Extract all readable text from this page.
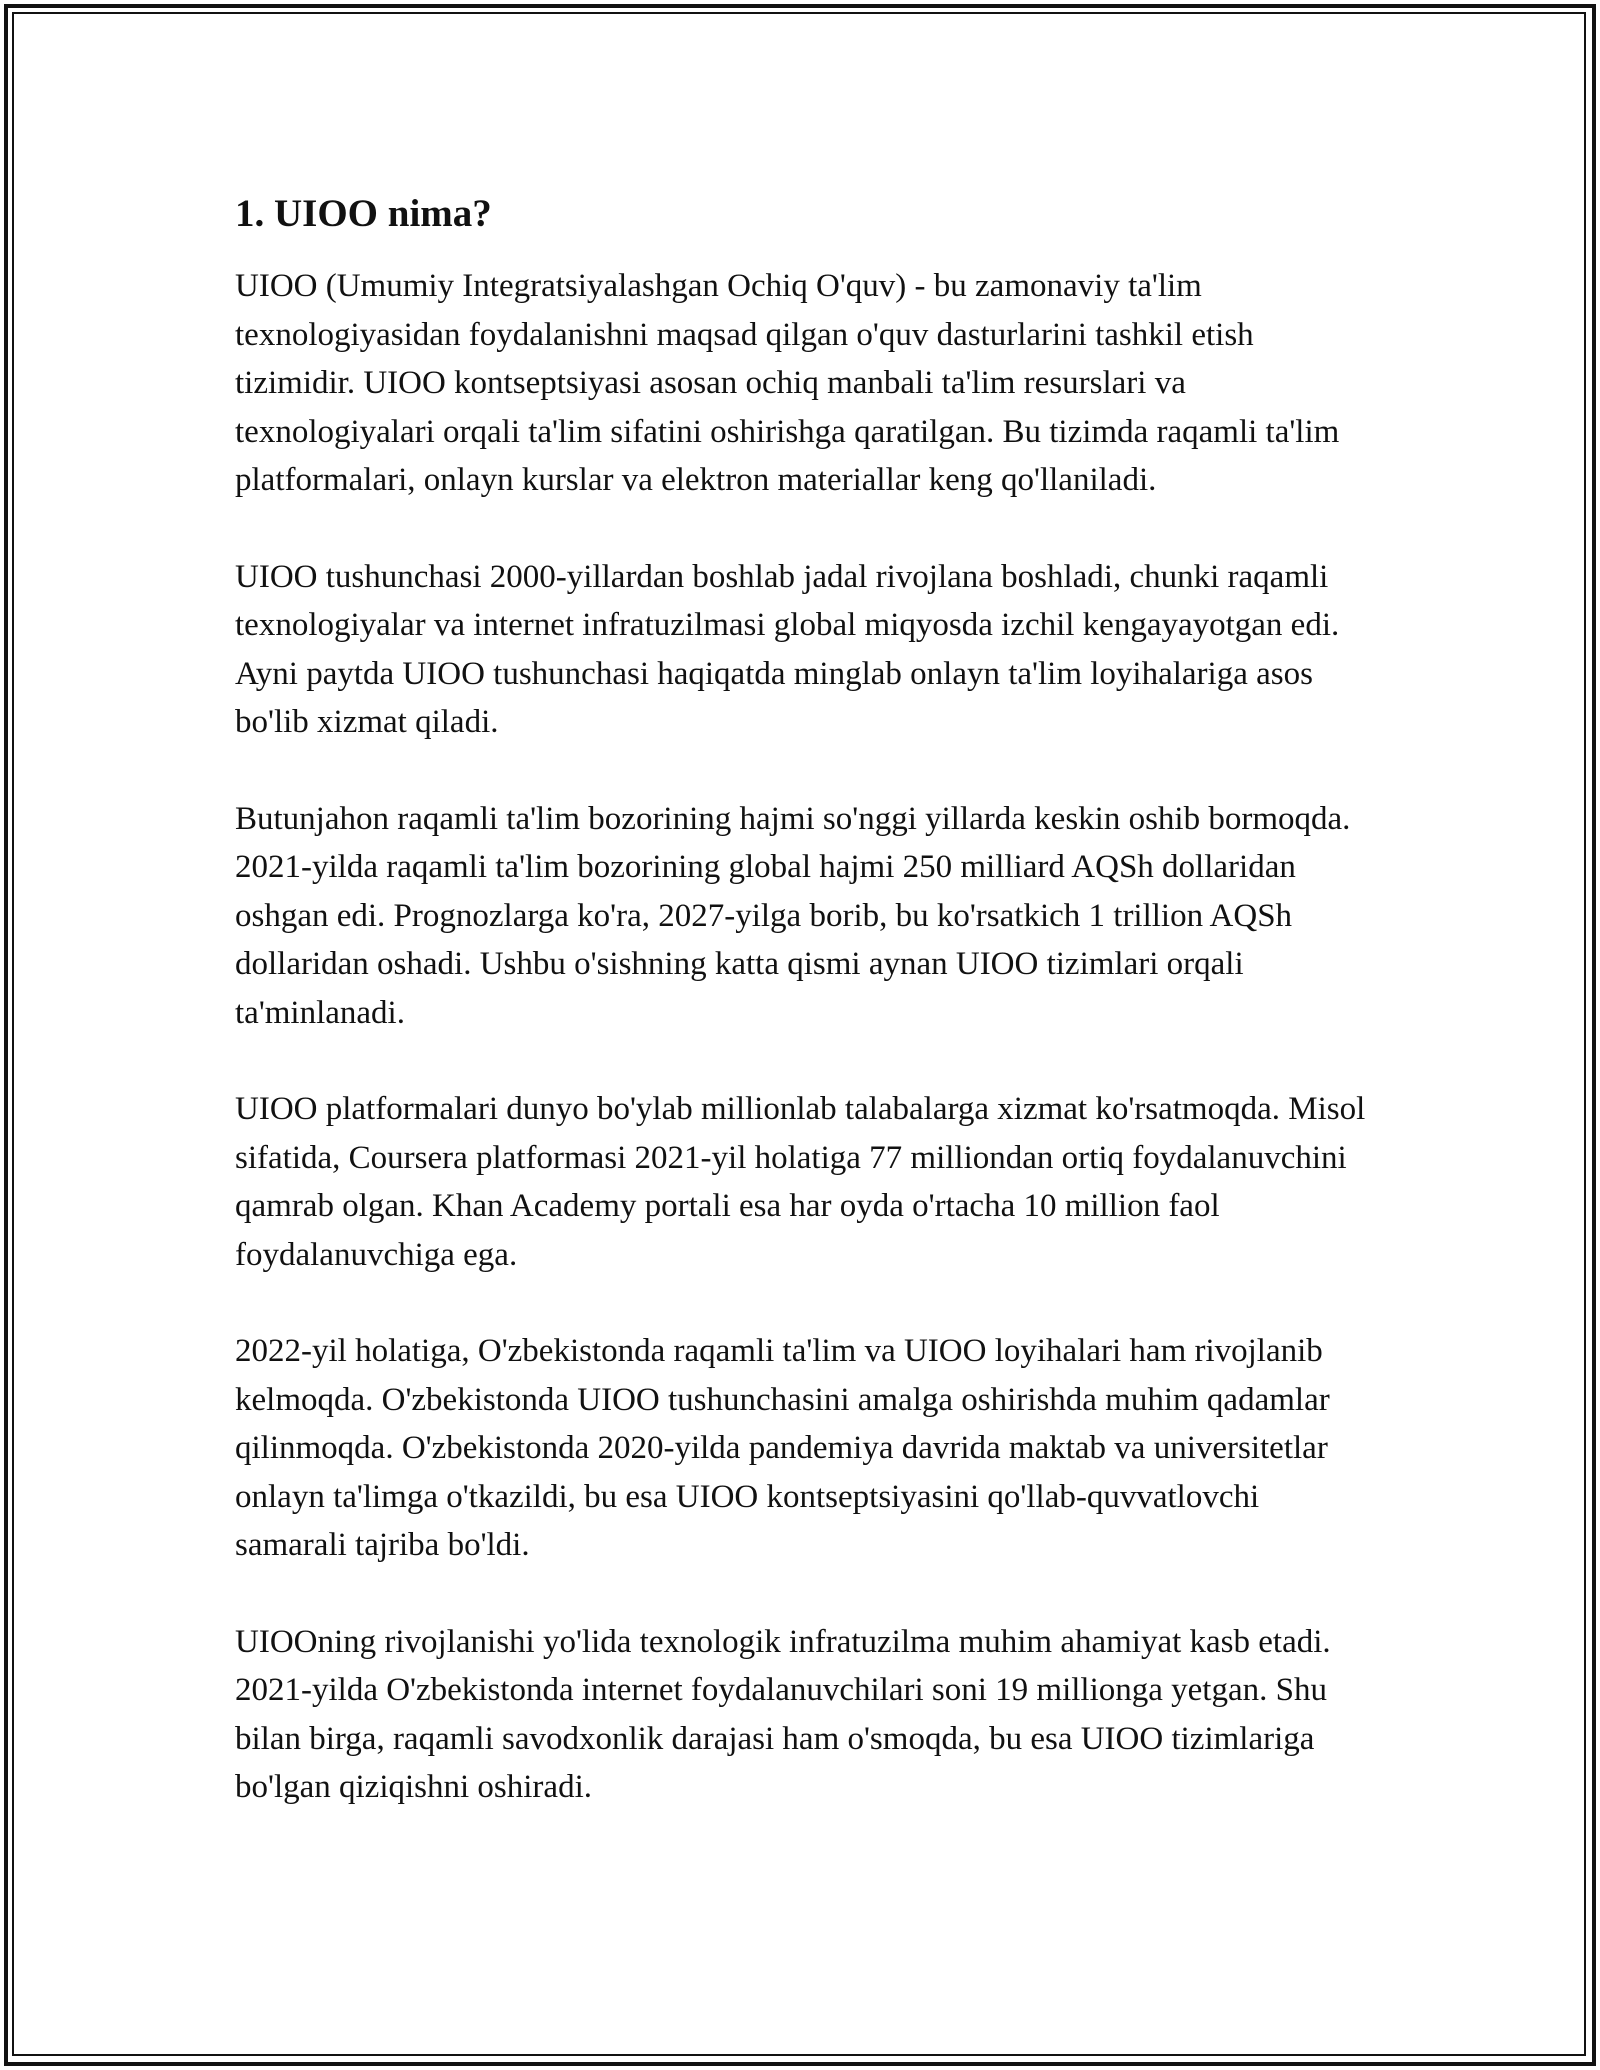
1. UIOO nima?

UIOO (Umumiy Integratsiyalashgan Ochiq O'quv) - bu zamonaviy ta'lim texnologiyasidan foydalanishni maqsad qilgan o'quv dasturlarini tashkil etish tizimidir. UIOO kontseptsiyasi asosan ochiq manbali ta'lim resurslari va texnologiyalari orqali ta'lim sifatini oshirishga qaratilgan. Bu tizimda raqamli ta'lim platformalari, onlayn kurslar va elektron materiallar keng qo'llaniladi.

UIOO tushunchasi 2000-yillardan boshlab jadal rivojlana boshladi, chunki raqamli texnologiyalar va internet infratuzilmasi global miqyosda izchil kengayayotgan edi. Ayni paytda UIOO tushunchasi haqiqatda minglab onlayn ta'lim loyihalariga asos bo'lib xizmat qiladi.

Butunjahon raqamli ta'lim bozorining hajmi so'nggi yillarda keskin oshib bormoqda. 2021-yilda raqamli ta'lim bozorining global hajmi 250 milliard AQSh dollaridan oshgan edi. Prognozlarga ko'ra, 2027-yilga borib, bu ko'rsatkich 1 trillion AQSh dollaridan oshadi. Ushbu o'sishning katta qismi aynan UIOO tizimlari orqali ta'minlanadi.

UIOO platformalari dunyo bo'ylab millionlab talabalarga xizmat ko'rsatmoqda. Misol sifatida, Coursera platformasi 2021-yil holatiga 77 milliondan ortiq foydalanuvchini qamrab olgan. Khan Academy portali esa har oyda o'rtacha 10 million faol foydalanuvchiga ega.

2022-yil holatiga, O'zbekistonda raqamli ta'lim va UIOO loyihalari ham rivojlanib kelmoqda. O'zbekistonda UIOO tushunchasini amalga oshirishda muhim qadamlar qilinmoqda. O'zbekistonda 2020-yilda pandemiya davrida maktab va universitetlar onlayn ta'limga o'tkazildi, bu esa UIOO kontseptsiyasini qo'llab-quvvatlovchi samarali tajriba bo'ldi.

UIOOning rivojlanishi yo'lida texnologik infratuzilma muhim ahamiyat kasb etadi. 2021-yilda O'zbekistonda internet foydalanuvchilari soni 19 millionga yetgan. Shu bilan birga, raqamli savodxonlik darajasi ham o'smoqda, bu esa UIOO tizimlariga bo'lgan qiziqishni oshiradi.
